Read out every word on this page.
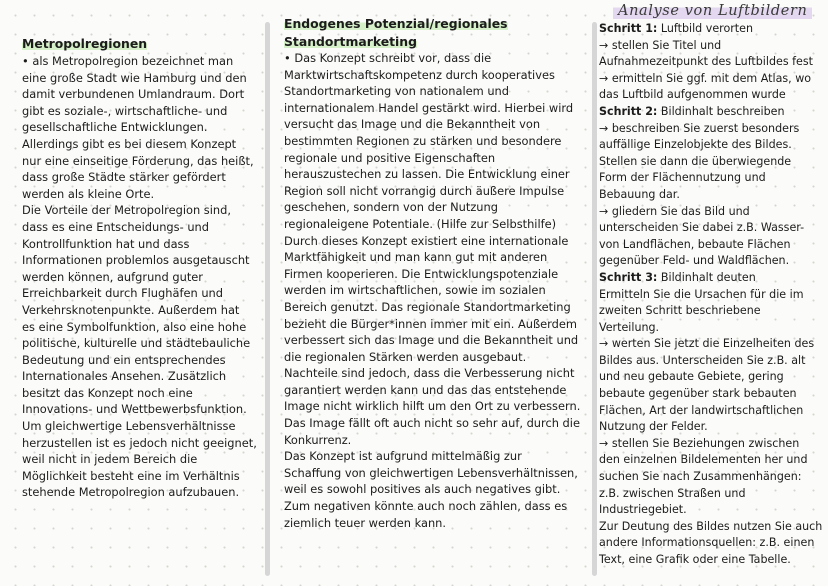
Metropolregionen
• als Metropolregion bezeichnet man
eine große Stadt wie Hamburg und den
damit verbundenen Umlandraum. Dort
gibt es soziale-, wirtschaftliche- und
gesellschaftliche Entwicklungen.
Allerdings gibt es bei diesem Konzept
nur eine einseitige Förderung, das heißt,
dass große Städte stärker gefördert
werden als kleine Orte.
Die Vorteile der Metropolregion sind,
dass es eine Entscheidungs- und
Kontrollfunktion hat und dass
Informationen problemlos ausgetauscht
werden können, aufgrund guter
Erreichbarkeit durch Flughäfen und
Verkehrsknotenpunkte. Außerdem hat
es eine Symbolfunktion, also eine hohe
politische, kulturelle und städtebauliche
Bedeutung und ein entsprechendes
Internationales Ansehen. Zusätzlich
besitzt das Konzept noch eine
Innovations- und Wettbewerbsfunktion.
Um gleichwertige Lebensverhältnisse
herzustellen ist es jedoch nicht geeignet,
weil nicht in jedem Bereich die
Möglichkeit besteht eine im Verhältnis
stehende Metropolregion aufzubauen.
Endogenes Potenzial/regionales
Standortmarketing
• Das Konzept schreibt vor, dass die
Marktwirtschaftskompetenz durch kooperatives
Standortmarketing von nationalem und
internationalem Handel gestärkt wird. Hierbei wird
versucht das Image und die Bekanntheit von
bestimmten Regionen zu stärken und besondere
regionale und positive Eigenschaften
herauszustechen zu lassen. Die Entwicklung einer
Region soll nicht vorrangig durch äußere Impulse
geschehen, sondern von der Nutzung
regionaleigene Potentiale. (Hilfe zur Selbsthilfe)
Durch dieses Konzept existiert eine internationale
Marktfähigkeit und man kann gut mit anderen
Firmen kooperieren. Die Entwicklungspotenziale
werden im wirtschaftlichen, sowie im sozialen
Bereich genutzt. Das regionale Standortmarketing
bezieht die Bürger*innen immer mit ein. Außerdem
verbessert sich das Image und die Bekanntheit und
die regionalen Stärken werden ausgebaut.
Nachteile sind jedoch, dass die Verbesserung nicht
garantiert werden kann und das das entstehende
Image nicht wirklich hilft um den Ort zu verbessern.
Das Image fällt oft auch nicht so sehr auf, durch die
Konkurrenz.
Das Konzept ist aufgrund mittelmäßig zur
Schaffung von gleichwertigen Lebensverhältnissen,
weil es sowohl positives als auch negatives gibt.
Zum negativen könnte auch noch zählen, dass es
ziemlich teuer werden kann.
Analyse von Luftbildern
Schritt 1: Luftbild verorten
→ stellen Sie Titel und
Aufnahmezeitpunkt des Luftbildes fest
→ ermitteln Sie ggf. mit dem Atlas, wo
das Luftbild aufgenommen wurde
Schritt 2: Bildinhalt beschreiben
→ beschreiben Sie zuerst besonders
auffällige Einzelobjekte des Bildes.
Stellen sie dann die überwiegende
Form der Flächennutzung und
Bebauung dar.
→ gliedern Sie das Bild und
unterscheiden Sie dabei z.B. Wasser-
von Landflächen, bebaute Flächen
gegenüber Feld- und Waldflächen.
Schritt 3: Bildinhalt deuten
Ermitteln Sie die Ursachen für die im
zweiten Schritt beschriebene
Verteilung.
→ werten Sie jetzt die Einzelheiten des
Bildes aus. Unterscheiden Sie z.B. alt
und neu gebaute Gebiete, gering
bebaute gegenüber stark bebauten
Flächen, Art der landwirtschaftlichen
Nutzung der Felder.
→ stellen Sie Beziehungen zwischen
den einzelnen Bildelementen her und
suchen Sie nach Zusammenhängen:
z.B. zwischen Straßen und
Industriegebiet.
Zur Deutung des Bildes nutzen Sie auch
andere Informationsquellen: z.B. einen
Text, eine Grafik oder eine Tabelle.
